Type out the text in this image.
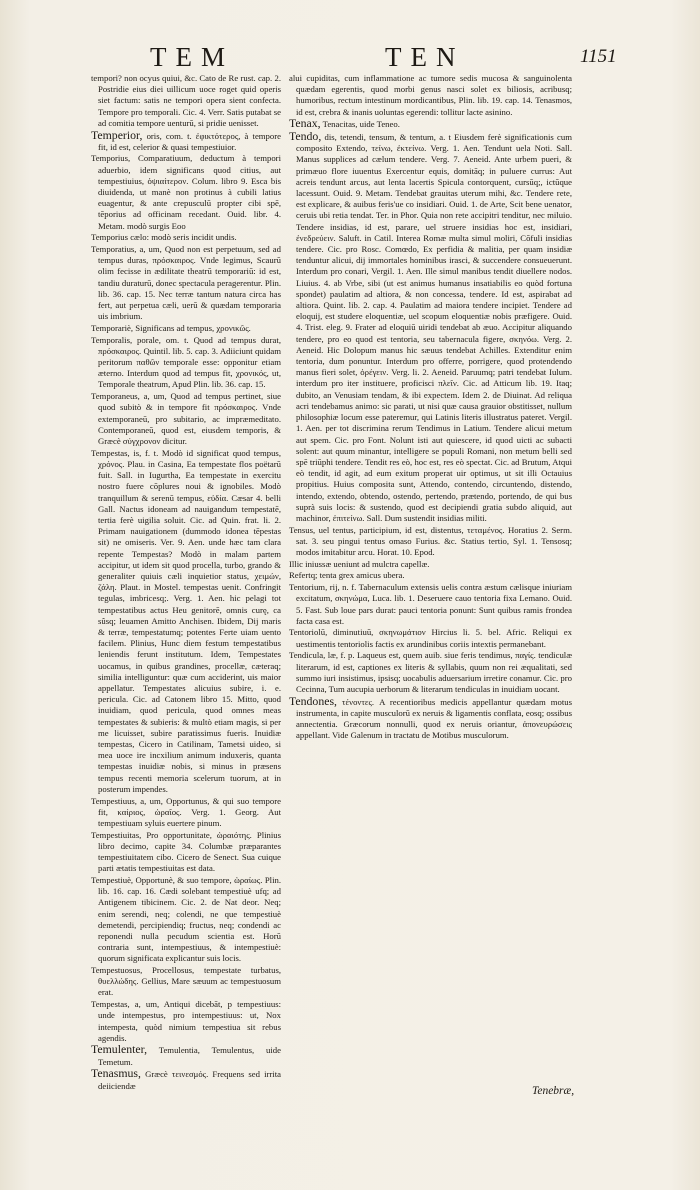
TEM	TEN	1151

tempori? non ocyus quiui, &c. Cato de Re rust. cap. 2. Postridie eius diei uillicum uoce roget quid operis siet factum: satis ne tempori opera sient confecta. Tempore pro temporali. Cic. 4. Verr. Satis putabat se ad comitia tempore uenturū, si pridie uenisset.

Temperior, oris, com. t. ἐφικτότερος, à tempore fit, id est, celerior & quasi tempestiuior.

Temporius, Comparatiuum, deductum à tempori aduerbio, idem significans quod citius, aut tempestiuius, ὀψιαίτερον. Colum. libro 9. Esca bis diuidenda, ut manè non protinus à cubili latius euagentur, & ante crepusculū propter cibi spē, tēporius ad officinam recedant. Ouid. libr. 4. Metam. modò surgis Eoo

Temporius cælo: modò seris incidit undis.

Temporatius, a, um, Quod non est perpetuum, sed ad tempus duras, πρόσκαιρος. Vnde legimus, Scaurū olim fecisse in ædilitate theatrū temporariū: id est, tandiu duraturū, donec spectacula peragerentur. Plin. lib. 36. cap. 15. Nec terræ tantum natura circa has fert, aut perpetua cæli, uerū & quædam temporaria uis imbrium.

Temporariè, Significans ad tempus, χρονικῶς.

Temporalis, porale, om. t. Quod ad tempus durat, πρόσκαιρος. Quintil. lib. 5. cap. 3. Adiiciunt quidam peritorum παθῶν temporale esse: opponitur etiam æterno. Interdum quod ad tempus fit, χρονικός, ut, Temporale theatrum, Apud Plin. lib. 36. cap. 15.

Temporaneus, a, um, Quod ad tempus pertinet, siue quod subitò & in tempore fit πρόσκαιρος. Vnde extemporaneū, pro subitario, ac impræmeditato. Contemporaneū, quod est, eiusdem temporis, & Græcè σύγχρονον dicitur.

Tempestas, is, f. t. Modò id significat quod tempus, χρόνος. Plau. in Casina, Ea tempestate flos poëtarū fuit. Sall. in Iugurtha, Ea tempestate in exercitu nostro fuere cōplures noui & ignobiles. Modò tranquillum & serenū tempus, εὐδία. Cæsar 4. belli Gall. Nactus idoneam ad nauigandum tempestatē, tertia ferè uigilia soluit. Cic. ad Quin. frat. li. 2. Primam nauigationem (dummodo idonea tēpestas sit) ne omiseris. Ver. 9. Aen. unde hæc tam clara repente Tempestas? Modò in malam partem accipitur, ut idem sit quod procella, turbo, grando & generaliter quiuis cæli inquietior status, χειμών, ζάλη. Plaut. in Mostel. tempestas uenit. Confringit tegulas, imbricesq;. Verg. 1. Aen. hic pelagi tot tempestatibus actus Heu genitorē, omnis curę, ca sûsq; leuamen Amitto Anchisen. Ibidem, Dij maris & terræ, tempestatumq; potentes Ferte uiam uento facilem. Plinius, Hunc diem festum tempestatibus leniendis ferunt institutum. Idem, Tempestates uocamus, in quibus grandines, procellæ, cæteraq; similia intelliguntur: quæ cum acciderint, uis maior appellatur. Tempestates alicuius subire, i. e. pericula. Cic. ad Catonem libro 15. Mitto, quod inuidiam, quod pericula, quod omnes meas tempestates & subieris: & multò etiam magis, si per me licuisset, subire paratissimus fueris. Inuidiæ tempestas, Cicero in Catilinam, Tametsi uideo, si mea uoce ire incxilium animum induxeris, quanta tempestas inuidiæ nobis, si minus in præsens tempus recenti memoria scelerum tuorum, at in posterum impendes.

Tempestiuus, a, um, Opportunus, & qui suo tempore fit, καίριος, ὡραῖος. Verg. 1. Georg. Aut tempestiuam syluis euertere pinum.

Tempestiuitas, Pro opportunitate, ὡραιότης. Plinius libro decimo, capite 34. Columbæ præparantes tempestiuitatem cibo. Cicero de Senect. Sua cuique parti ætatis tempestiuitas est data.

Tempestiuè, Opportunè, & suo tempore, ὡραίως. Plin. lib. 16. cap. 16. Cædi solebant tempestiuè ufq; ad Antigenem tibicinem. Cic. 2. de Nat deor. Neq; enim serendi, neq; colendi, ne que tempestiuè demetendi, percipiendiq; fructus, neq; condendi ac reponendi nulla pecudum scientia est. Horū contraria sunt, intempestiuus, & intempestiuè: quorum significata explicantur suis locis.

Tempestuosus, Procellosus, tempestate turbatus, θυελλώδης. Gellius, Mare sæuum ac tempestuosum erat.

Tempestas, a, um, Antiqui dicebāt, p tempestiuus: unde intempestus, pro intempestiuus: ut, Nox intempesta, quòd nimium tempestiua sit rebus agendis.

Temulenter, Temulentia, Temulentus, uide Temetum.

Tenasmus, Græcè τεινεσμός. Frequens sed irrita deiiciendæ

alui cupiditas, cum inflammatione ac tumore sedis mucosa & sanguinolenta quædam egerentis, quod morbi genus nasci solet ex biliosis, acribusq; humoribus, rectum intestinum mordicantibus, Plin. lib. 19. cap. 14. Tenasmos, id est, crebra & inanis uoluntas egerendi: tollitur lacte asinino.

Tenax, Tenacitas, uide Teneo.

Tendo, dis, tetendi, tensum, & tentum, a. t Eiusdem ferè significationis cum composito Extendo, τείνω, ἐκτείνω. Verg. 1. Aen. Tendunt uela Noti. Sall. Manus supplices ad cælum tendere. Verg. 7. Aeneid. Ante urbem pueri, & primæuo flore iuuentus Exercentur equis, domitāq; in puluere currus: Aut acreis tendunt arcus, aut lenta lacertis Spicula contorquent, cursūq;, ictūque lacessunt. Ouid. 9. Metam. Tendebat grauitas uterum mihi, &c. Tendere rete, est explicare, & auibus feris'ue co insidiari. Ouid. 1. de Arte, Scit bene uenator, ceruis ubi retia tendat. Ter. in Phor. Quia non rete accipitri tenditur, nec miluio. Tendere insidias, id est, parare, uel struere insidias hoc est, insidiari, ἐνεδρεύειν. Saluft. in Catil. Interea Romæ multa simul moliri, Cōfuli insidias tendere. Cic. pro Rosc. Comœdo, Ex perfidia & malitia, per quam insidiæ tenduntur alicui, dij immortales hominibus irasci, & succendere consueuerunt. Interdum pro conari, Vergil. 1. Aen. Ille simul manibus tendit diuellere nodos. Liuius. 4. ab Vrbe, sibi (ut est animus humanus insatiabilis eo quòd fortuna spondet) paulatim ad altiora, & non concessa, tendere. Id est, aspirabat ad altiora. Quint. lib. 2. cap. 4. Paulatim ad maiora tendere incipiet. Tendere ad eloquij, est studere eloquentiæ, uel scopum eloquentiæ nobis præfigere. Ouid. 4. Trist. eleg. 9. Frater ad eloquiū uiridi tendebat ab æuo. Accipitur aliquando tendere, pro eo quod est tentoria, seu tabernacula figere, σκηνόω. Verg. 2. Aeneid. Hic Dolopum manus hic sæuus tendebat Achilles. Extenditur enim tentoria, dum ponuntur. Interdum pro offerre, porrigere, quod protendendo manus fieri solet, ὀρέγειν. Verg. li. 2. Aeneid. Paruumq; patri tendebat Iulum. interdum pro iter instituere, proficisci πλεῖν. Cic. ad Atticum lib. 19. Itaq; dubito, an Venusiam tendam, & ibi expectem. Idem 2. de Diuinat. Ad reliqua acri tendebamus animo: sic parati, ut nisi quæ causa grauior obstitisset, nullum philosophiæ locum esse pateremur, qui Latinis literis illustratus pateret. Vergil. 1. Aen. per tot discrimina rerum Tendimus in Latium. Tendere alicui metum aut spem. Cic. pro Font. Nolunt isti aut quiescere, id quod uicti ac subacti solent: aut quum minantur, intelligere se populi Romani, non metum belli sed spē triūphi tendere. Tendit res eò, hoc est, res eò spectat. Cic. ad Brutum, Atqui eò tendit, id agit, ad eum exitum properat uir optimus, ut sit illi Octauius propitius. Huius composita sunt, Attendo, contendo, circuntendo, distendo, intendo, extendo, obtendo, ostendo, pertendo, prætendo, portendo, de qui bus suprà suis locis: & sustendo, quod est decipiendi gratia subdo aliquid, aut machinor, ἐπιτείνω. Sall. Dum sustendit insidias militi.

Tensus, uel tentus, participium, id est, distentus, τεταμένος. Horatius 2. Serm. sat. 3. seu pingui tentus omaso Furius. &c. Statius tertio, Syl. 1. Tensosq; modos imitabitur arcu. Horat. 10. Epod.

Illic iniussæ ueniunt ad mulctra capellæ.

Refertq; tenta grex amicus ubera.

Tentorium, rij, n. f. Tabernaculum extensis uelis contra æstum cælisque iniuriam excitatum, σκηνώμα, Luca. lib. 1. Deseruere cauo tentoria fixa Lemano. Ouid. 5. Fast. Sub loue pars durat: pauci tentoria ponunt: Sunt quibus ramis frondea facta casa est.

Tentoriolū, diminutiuū, σκηνωμάτιον Hircius li. 5. bel. Afric. Reliqui ex uestimentis tentoriolis factis ex arundinibus coriis intextis permanebant.

Tendicula, læ, f. p. Laqueus est, quem auib. siue feris tendimus, παγίς. tendiculæ literarum, id est, captiones ex literis & syllabis, quum non rei æqualitati, sed summo iuri insistimus, ipsisq; uocabulis aduersarium irretire conamur. Cic. pro Cecinna, Tum aucupia uerborum & literarum tendiculas in inuidiam uocant.

Tendones, τένοντες. A recentioribus medicis appellantur quædam motus instrumenta, in capite musculorū ex neruis & ligamentis conflata, eosq; ossibus annectentia. Græcorum nonnulli, quod ex neruis oriantur, ἀπονευρώσεις appellant. Vide Galenum in tractatu de Motibus musculorum.

Tenebræ,
